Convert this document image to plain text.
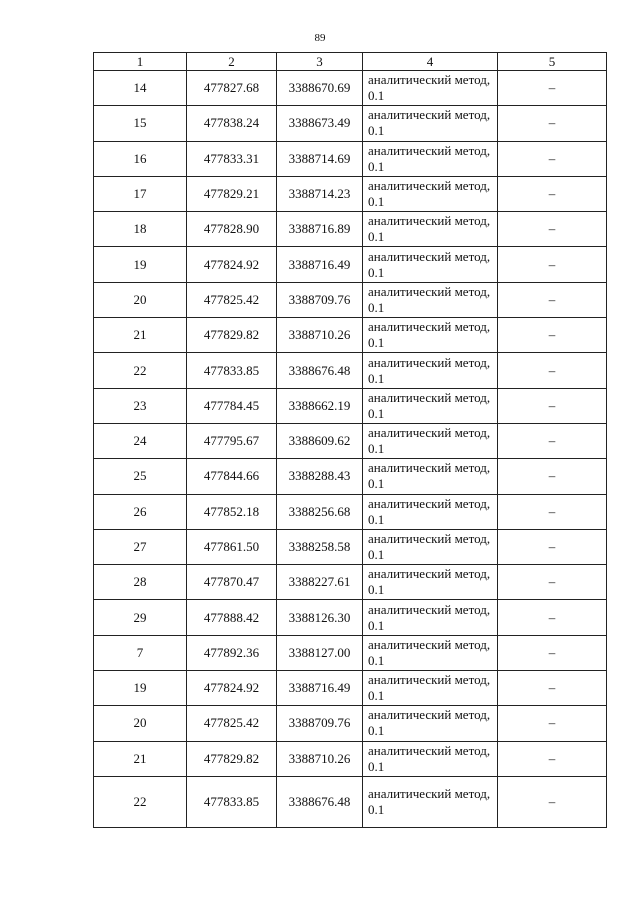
89
1	2	3	4	5
14	477827.68	3388670.69	аналитический метод, 0.1	–
15	477838.24	3388673.49	аналитический метод, 0.1	–
16	477833.31	3388714.69	аналитический метод, 0.1	–
17	477829.21	3388714.23	аналитический метод, 0.1	–
18	477828.90	3388716.89	аналитический метод, 0.1	–
19	477824.92	3388716.49	аналитический метод, 0.1	–
20	477825.42	3388709.76	аналитический метод, 0.1	–
21	477829.82	3388710.26	аналитический метод, 0.1	–
22	477833.85	3388676.48	аналитический метод, 0.1	–
23	477784.45	3388662.19	аналитический метод, 0.1	–
24	477795.67	3388609.62	аналитический метод, 0.1	–
25	477844.66	3388288.43	аналитический метод, 0.1	–
26	477852.18	3388256.68	аналитический метод, 0.1	–
27	477861.50	3388258.58	аналитический метод, 0.1	–
28	477870.47	3388227.61	аналитический метод, 0.1	–
29	477888.42	3388126.30	аналитический метод, 0.1	–
7	477892.36	3388127.00	аналитический метод, 0.1	–
19	477824.92	3388716.49	аналитический метод, 0.1	–
20	477825.42	3388709.76	аналитический метод, 0.1	–
21	477829.82	3388710.26	аналитический метод, 0.1	–
22	477833.85	3388676.48	аналитический метод, 0.1	–
